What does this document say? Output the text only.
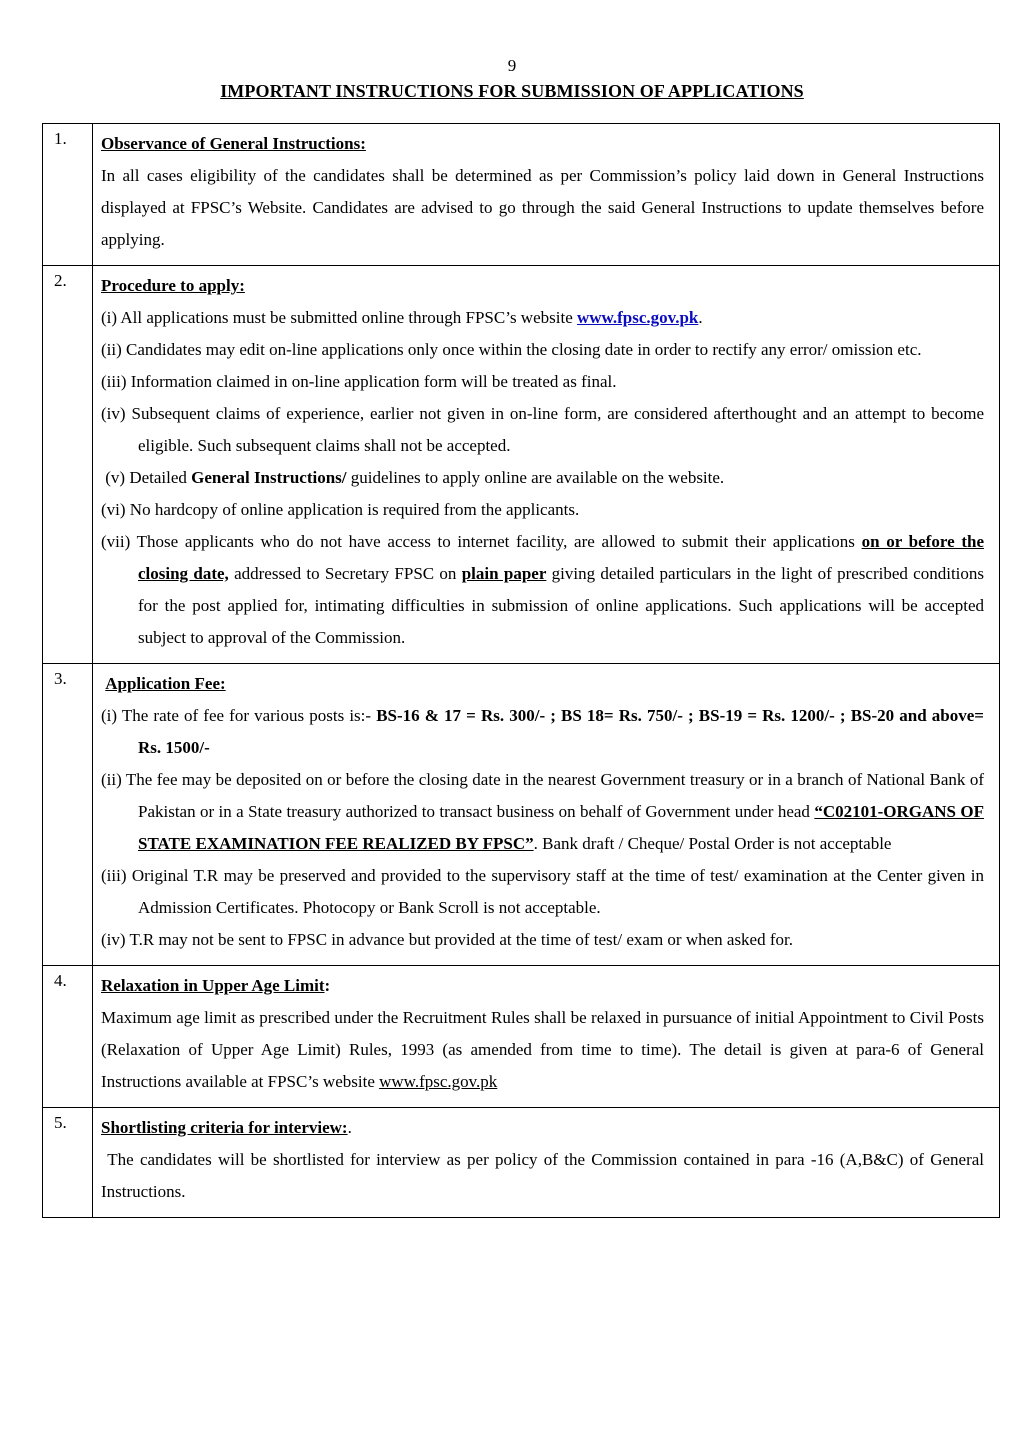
9
IMPORTANT INSTRUCTIONS FOR SUBMISSION OF APPLICATIONS
1.	Observance of General Instructions:
In all cases eligibility of the candidates shall be determined as per Commission’s policy laid down in General Instructions displayed at FPSC’s Website. Candidates are advised to go through the said General Instructions to update themselves before applying.

2.	Procedure to apply:
(i) All applications must be submitted online through FPSC’s website www.fpsc.gov.pk.
(ii) Candidates may edit on-line applications only once within the closing date in order to rectify any error/ omission etc.
(iii) Information claimed in on-line application form will be treated as final.
(iv) Subsequent claims of experience, earlier not given in on-line form, are considered afterthought and an attempt to become eligible. Such subsequent claims shall not be accepted.
(v) Detailed General Instructions/ guidelines to apply online are available on the website.
(vi) No hardcopy of online application is required from the applicants.
(vii) Those applicants who do not have access to internet facility, are allowed to submit their applications on or before the closing date, addressed to Secretary FPSC on plain paper giving detailed particulars in the light of prescribed conditions for the post applied for, intimating difficulties in submission of online applications. Such applications will be accepted subject to approval of the Commission.

3.	Application Fee:
(i) The rate of fee for various posts is:- BS-16 & 17 = Rs. 300/- ; BS 18= Rs. 750/- ; BS-19 = Rs. 1200/- ; BS-20 and above= Rs. 1500/-
(ii) The fee may be deposited on or before the closing date in the nearest Government treasury or in a branch of National Bank of Pakistan or in a State treasury authorized to transact business on behalf of Government under head “C02101-ORGANS OF STATE EXAMINATION FEE REALIZED BY FPSC”. Bank draft / Cheque/ Postal Order is not acceptable
(iii) Original T.R may be preserved and provided to the supervisory staff at the time of test/ examination at the Center given in Admission Certificates. Photocopy or Bank Scroll is not acceptable.
(iv) T.R may not be sent to FPSC in advance but provided at the time of test/ exam or when asked for.

4.	Relaxation in Upper Age Limit:
Maximum age limit as prescribed under the Recruitment Rules shall be relaxed in pursuance of initial Appointment to Civil Posts (Relaxation of Upper Age Limit) Rules, 1993 (as amended from time to time). The detail is given at para-6 of General Instructions available at FPSC’s website www.fpsc.gov.pk

5.	Shortlisting criteria for interview:.
The candidates will be shortlisted for interview as per policy of the Commission contained in para -16 (A,B&C) of General Instructions.
